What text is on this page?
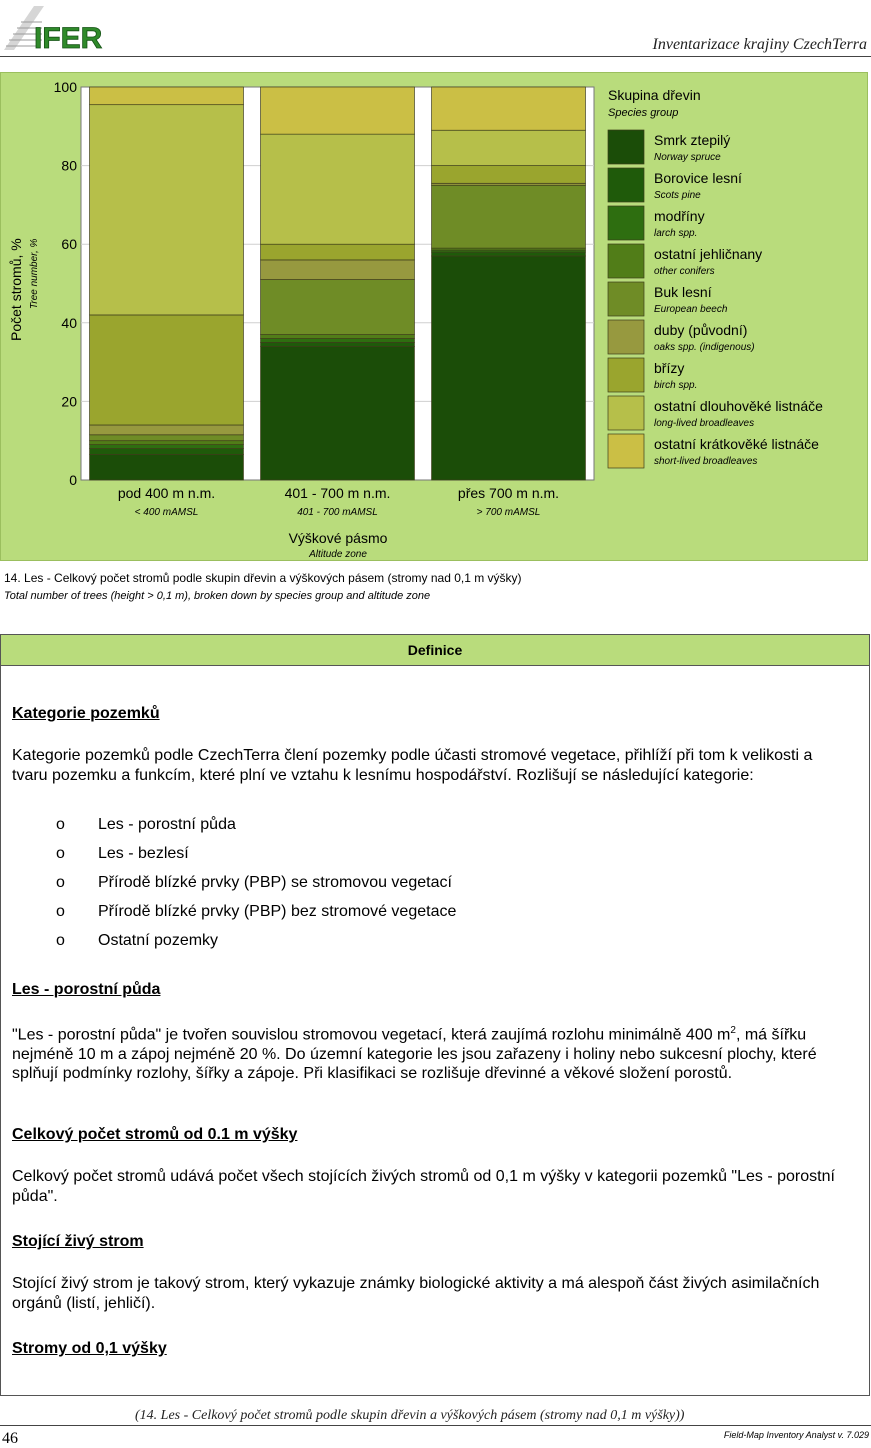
IFER	Inventarizace krajiny CzechTerra
0
20
40
60
80
100
pod 400 m n.m.
< 400 mAMSL
401 - 700 m n.m.
401 - 700 mAMSL
přes 700 m n.m.
> 700 mAMSL
Počet stromů, % Tree number, %
Výškové pásmo
Altitude zone
Skupina dřevin
Species group
Smrk ztepilý
Norway spruce
Borovice lesní
Scots pine
modříny
larch spp.
ostatní jehličnany
other conifers
Buk lesní
European beech
duby (původní)
oaks spp. (indigenous)
břízy
birch spp.
ostatní dlouhověké listnáče
long-lived broadleaves
ostatní krátkověké listnáče
short-lived broadleaves
14. Les - Celkový počet stromů podle skupin dřevin a výškových pásem (stromy nad 0,1 m výšky)
Total number of trees (height > 0,1 m), broken down by species group and altitude zone
Definice
Kategorie pozemků
Kategorie pozemků podle CzechTerra člení pozemky podle účasti stromové vegetace, přihlíží při tom k velikosti a tvaru pozemku a funkcím, které plní ve vztahu k lesnímu hospodářství. Rozlišují se následující kategorie:
o Les - porostní půda
o Les - bezlesí
o Přírodě blízké prvky (PBP) se stromovou vegetací
o Přírodě blízké prvky (PBP) bez stromové vegetace
o Ostatní pozemky
Les - porostní půda
"Les - porostní půda" je tvořen souvislou stromovou vegetací, která zaujímá rozlohu minimálně 400 $m^2$, má šířku nejméně 10 m a zápoj nejméně 20 %. Do územní kategorie les jsou zařazeny i holiny nebo sukcesní plochy, které splňují podmínky rozlohy, šířky a zápoje. Při klasifikaci se rozlišuje dřevinné a věkové složení porostů.
Celkový počet stromů od 0.1 m výšky
Celkový počet stromů udává počet všech stojících živých stromů od 0,1 m výšky v kategorii pozemků "Les - porostní půda".
Stojící živý strom
Stojící živý strom je takový strom, který vykazuje známky biologické aktivity a má alespoň část živých asimilačních orgánů (listí, jehličí).
Stromy od 0,1 výšky
(14. Les - Celkový počet stromů podle skupin dřevin a výškových pásem (stromy nad 0,1 m výšky))
46	Field-Map Inventory Analyst v. 7.029
